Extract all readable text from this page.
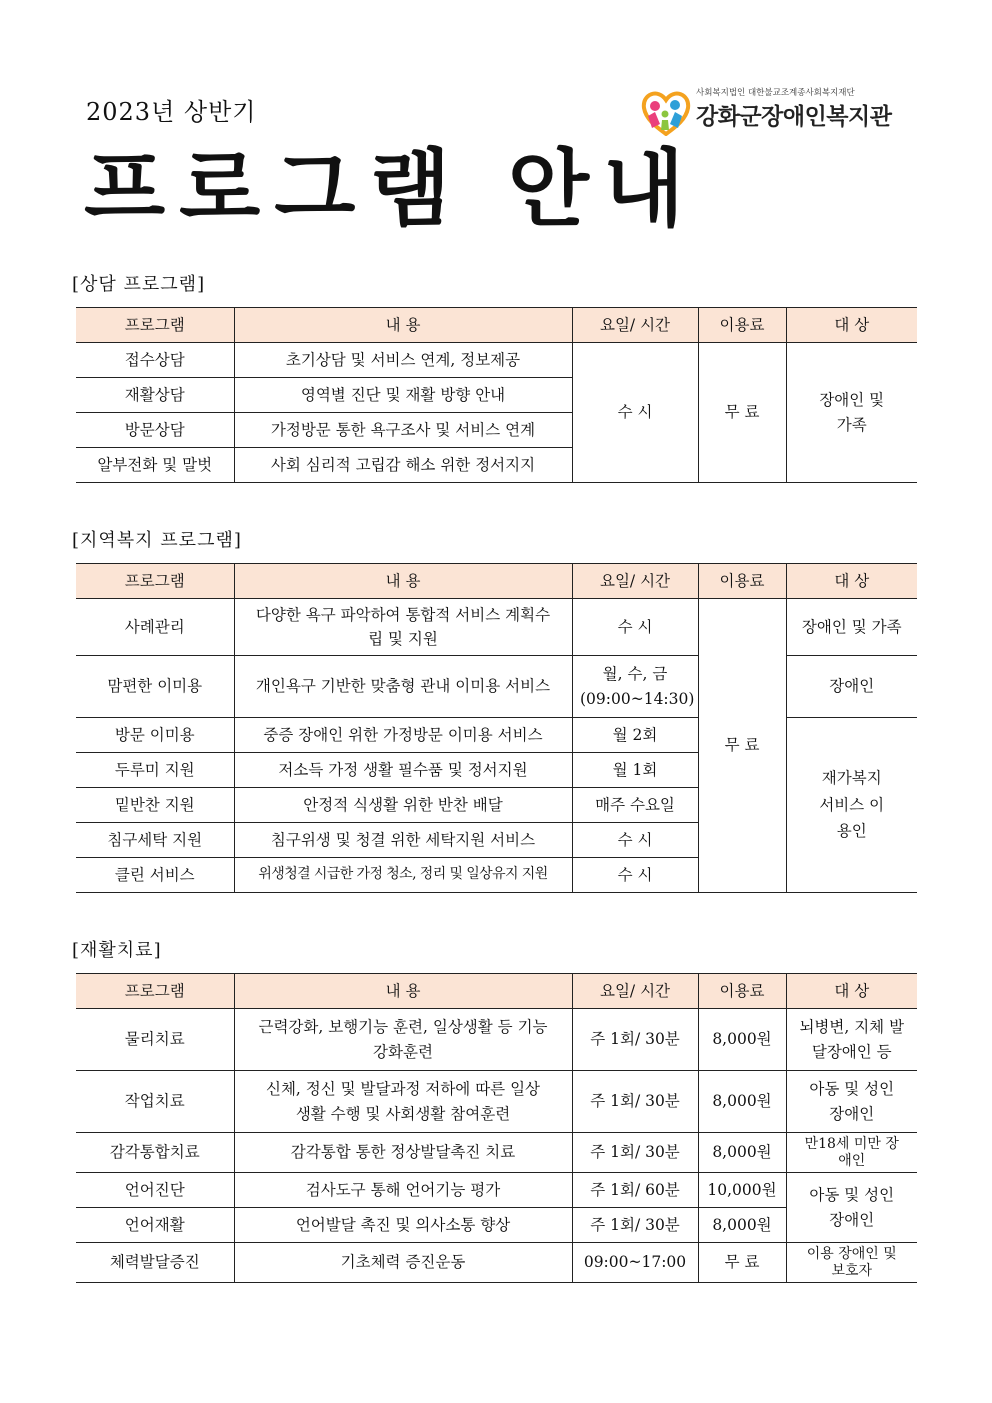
2023년 상반기
프로그램 안내
사회복지법인 대한불교조계종사회복지재단
강화군장애인복지관
[상담 프로그램]
프로그램	내 용	요일/ 시간	이용료	대 상
접수상담	초기상담 및 서비스 연계, 정보제공	수 시	무 료	장애인 및 가족

재활상담	영역별 진단 및 재활 방향 안내			
방문상담	가정방문 통한 욕구조사 및 서비스 연계			
알부전화 및 말벗	사회 심리적 고립감 해소 위한 정서지지			
[지역복지 프로그램]
프로그램	내 용	요일/ 시간	이용료	대 상
사례관리	다양한 욕구 파악하여 통합적 서비스 계획수립 및 지원	수 시	무 료	장애인 및 가족
맘편한 이미용	개인욕구 기반한 맞춤형 관내 이미용 서비스	월, 수, 금 (09:00~14:30)		장애인
방문 이미용	중증 장애인 위한 가정방문 이미용 서비스	월 2회		재가복지 서비스 이용인

두루미 지원	저소득 가정 생활 필수품 및 정서지원	월 1회		
밑반찬 지원	안정적 식생활 위한 반찬 배달	매주 수요일		
침구세탁 지원	침구위생 및 청결 위한 세탁지원 서비스	수 시		
클린 서비스	위생청결 시급한 가정 청소, 정리 및 일상유지 지원	수 시		
[재활치료]
프로그램	내 용	요일/ 시간	이용료	대 상
물리치료	근력강화, 보행기능 훈련, 일상생활 등 기능강화훈련	주 1회/ 30분	8,000원	뇌병변, 지체 발달장애인 등

작업치료	신체, 정신 및 발달과정 저하에 따른 일상생활 수행 및 사회생활 참여훈련	주 1회/ 30분	8,000원	아동 및 성인 장애인

감각통합치료	감각통합 통한 정상발달촉진 치료	주 1회/ 30분	8,000원	만18세 미만 장애인

언어진단	검사도구 통해 언어기능 평가	주 1회/ 60분	10,000원	아동 및 성인 장애인

언어재활	언어발달 촉진 및 의사소통 향상	주 1회/ 30분	8,000원	
체력발달증진	기초체력 증진운동	09:00~17:00	무 료	이용 장애인 및 보호자
